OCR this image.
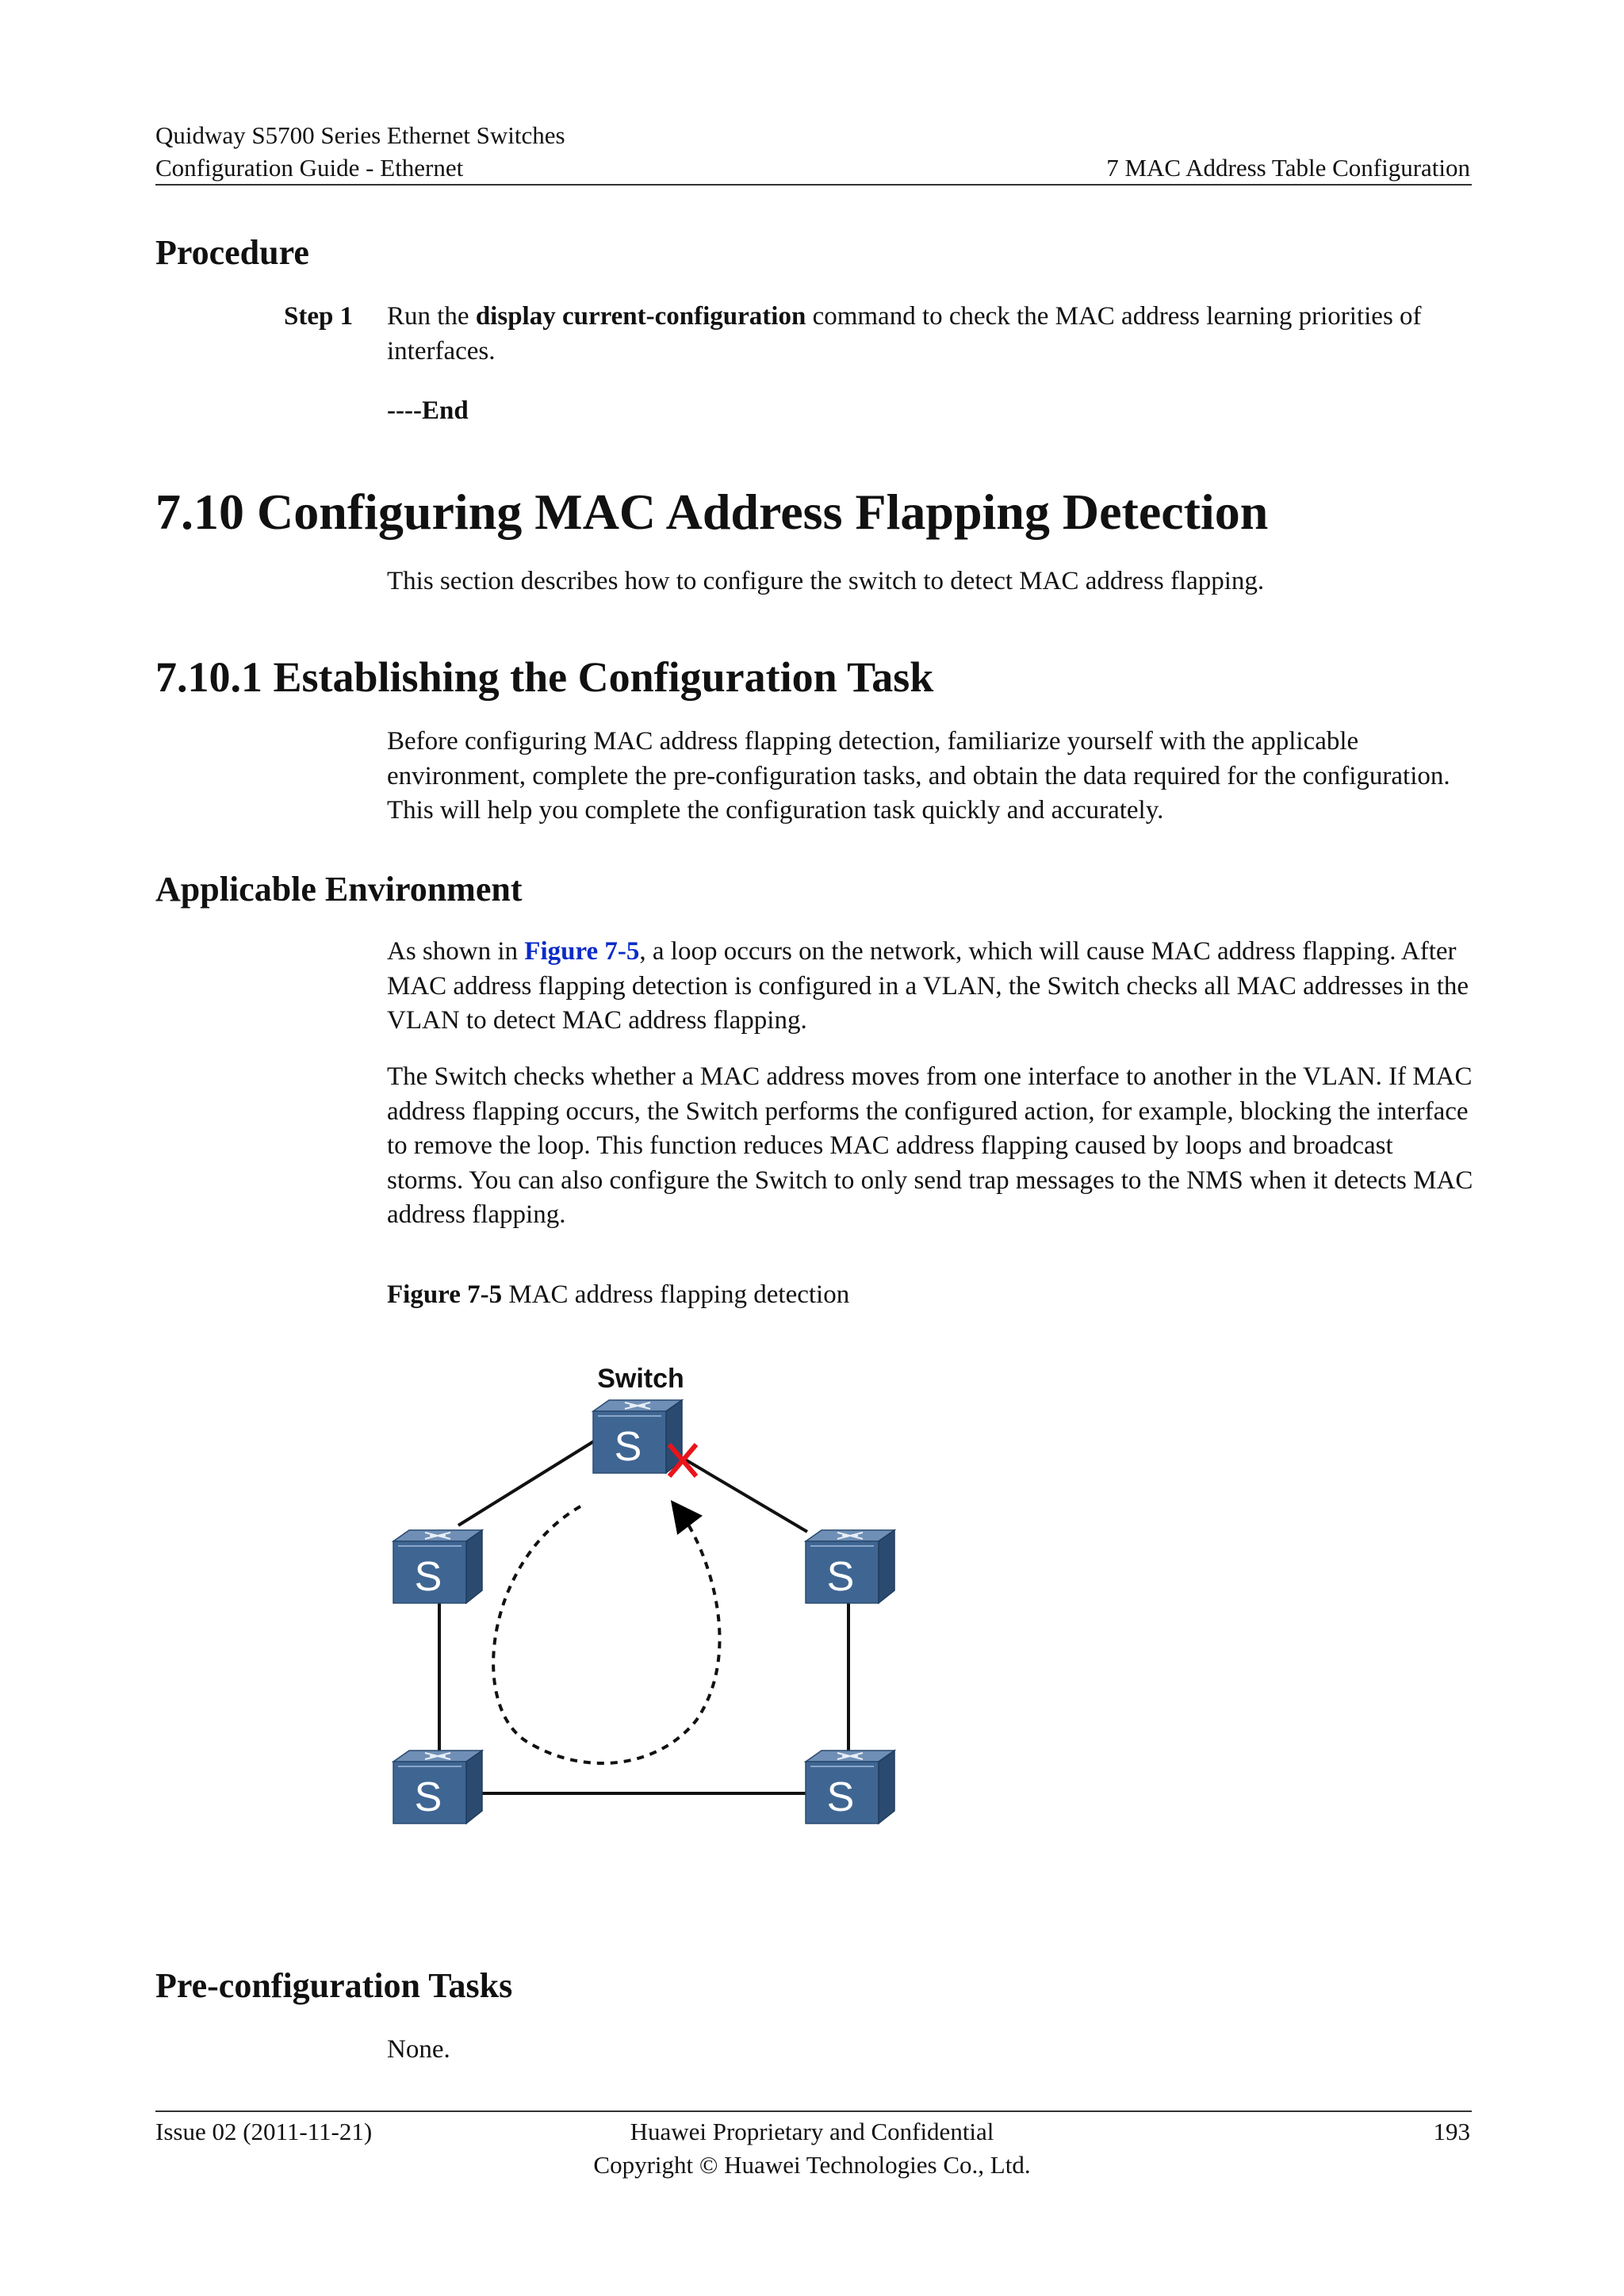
Quidway S5700 Series Ethernet Switches
Configuration Guide - Ethernet	7 MAC Address Table Configuration
Procedure
Step 1 Run the display current-configuration command to check the MAC address learning priorities of interfaces.
----End
7.10 Configuring MAC Address Flapping Detection
This section describes how to configure the switch to detect MAC address flapping.
7.10.1 Establishing the Configuration Task
Before configuring MAC address flapping detection, familiarize yourself with the applicable environment, complete the pre-configuration tasks, and obtain the data required for the configuration. This will help you complete the configuration task quickly and accurately.
Applicable Environment
As shown in Figure 7-5, a loop occurs on the network, which will cause MAC address flapping. After MAC address flapping detection is configured in a VLAN, the Switch checks all MAC addresses in the VLAN to detect MAC address flapping.
The Switch checks whether a MAC address moves from one interface to another in the VLAN. If MAC address flapping occurs, the Switch performs the configured action, for example, blocking the interface to remove the loop. This function reduces MAC address flapping caused by loops and broadcast storms. You can also configure the Switch to only send trap messages to the NMS when it detects MAC address flapping.
Figure 7-5 MAC address flapping detection
Switch
S
S	S
S	S
Pre-configuration Tasks
None.
Issue 02 (2011-11-21)	Huawei Proprietary and Confidential
Copyright © Huawei Technologies Co., Ltd.
193
